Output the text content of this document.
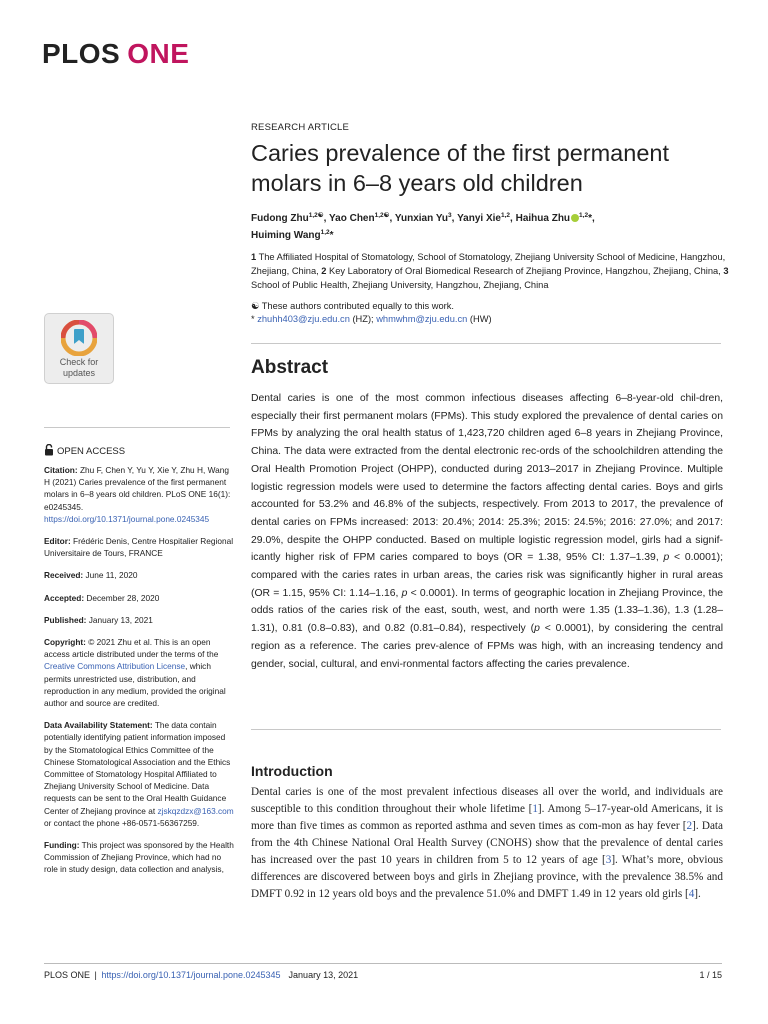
PLOS ONE
Check for
updates
RESEARCH ARTICLE
Caries prevalence of the first permanent molars in 6–8 years old children
Fudong Zhu$^{1,2☯}$, Yao Chen$^{1,2☯}$, Yunxian Yu$^3$, Yanyi Xie$^{1,2}$, Haihua Zhu $^{1,2}$*,
Huiming Wang$^{1,2}$*
1 The Affiliated Hospital of Stomatology, School of Stomatology, Zhejiang University School of Medicine, Hangzhou, Zhejiang, China, 2 Key Laboratory of Oral Biomedical Research of Zhejiang Province, Hangzhou, Zhejiang, China, 3 School of Public Health, Zhejiang University, Hangzhou, Zhejiang, China
☯ These authors contributed equally to this work.
* zhuhh403@zju.edu.cn (HZ); whmwhm@zju.edu.cn (HW)
Abstract
Dental caries is one of the most common infectious diseases affecting 6–8-year-old chil-dren, especially their first permanent molars (FPMs). This study explored the prevalence of dental caries on FPMs by analyzing the oral health status of 1,423,720 children aged 6–8 years in Zhejiang Province, China. The data were extracted from the dental electronic rec-ords of the schoolchildren attending the Oral Health Promotion Project (OHPP), conducted during 2013–2017 in Zhejiang Province. Multiple logistic regression models were used to determine the factors affecting dental caries. Boys and girls accounted for 53.2% and 46.8% of the subjects, respectively. From 2013 to 2017, the prevalence of dental caries on FPMs increased: 2013: 20.4%; 2014: 25.3%; 2015: 24.5%; 2016: 27.0%; and 2017: 29.0%, despite the OHPP conducted. Based on multiple logistic regression model, girls had a signif-icantly higher risk of FPM caries compared to boys (OR = 1.38, 95% CI: 1.37–1.39, p < 0.0001); compared with the caries rates in urban areas, the caries risk was significantly higher in rural areas (OR = 1.15, 95% CI: 1.14–1.16, p < 0.0001). In terms of geographic location in Zhejiang Province, the odds ratios of the caries risk of the east, south, west, and north were 1.35 (1.33–1.36), 1.3 (1.28–1.31), 0.81 (0.8–0.83), and 0.82 (0.81–0.84), respectively (p < 0.0001), by considering the central region as a reference. The caries prev-alence of FPMs was high, with an increasing tendency and gender, social, cultural, and envi-ronmental factors affecting the caries prevalence.
OPEN ACCESS

Citation: Zhu F, Chen Y, Yu Y, Xie Y, Zhu H, Wang H (2021) Caries prevalence of the first permanent molars in 6–8 years old children. PLoS ONE 16(1): e0245345. https://doi.org/10.1371/journal.pone.0245345

Editor: Frédéric Denis, Centre Hospitalier Regional Universitaire de Tours, FRANCE

Received: June 11, 2020

Accepted: December 28, 2020

Published: January 13, 2021

Copyright: © 2021 Zhu et al. This is an open access article distributed under the terms of the Creative Commons Attribution License, which permits unrestricted use, distribution, and reproduction in any medium, provided the original author and source are credited.

Data Availability Statement: The data contain potentially identifying patient information imposed by the Stomatological Ethics Committee of the Chinese Stomatological Association and the Ethics Committee of Stomatology Hospital Affiliated to Zhejiang University School of Medicine. Data requests can be sent to the Oral Health Guidance Center of Zhejiang province at zjskqzdzx@163.com or contact the phone +86-0571-56367259.

Funding: This project was sponsored by the Health Commission of Zhejiang Province, which had no role in study design, data collection and analysis,

Introduction
Dental caries is one of the most prevalent infectious diseases all over the world, and individuals are susceptible to this condition throughout their whole lifetime [1]. Among 5–17-year-old Americans, it is more than five times as common as reported asthma and seven times as com-mon as hay fever [2]. Data from the 4th Chinese National Oral Health Survey (CNOHS) show that the prevalence of dental caries has increased over the past 10 years in children from 5 to 12 years of age [3]. What’s more, obvious differences are discovered between boys and girls in Zhejiang province, with the prevalence 38.5% and DMFT 0.92 in 12 years old boys and the prevalence 51.0% and DMFT 1.49 in 12 years old girls [4].
PLOS ONE | https://doi.org/10.1371/journal.pone.0245345 January 13, 2021	1 / 15
